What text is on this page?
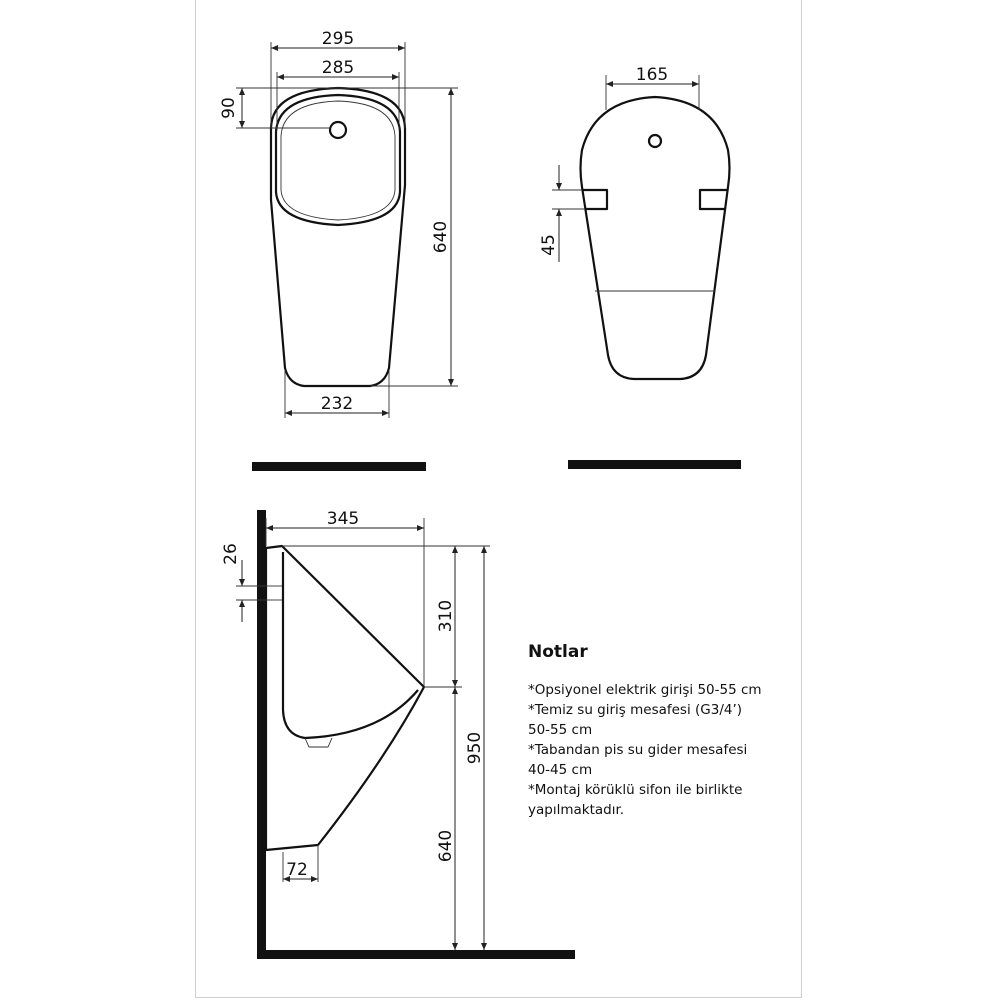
295
285
90
640
232
165
45
345
26
310
640
950
72

Notlar

*Opsiyonel elektrik girişi 50-55 cm

*Temiz su giriş mesafesi (G3/4’)

50-55 cm

*Tabandan pis su gider mesafesi

40-45 cm

*Montaj körüklü sifon ile birlikte

yapılmaktadır.
